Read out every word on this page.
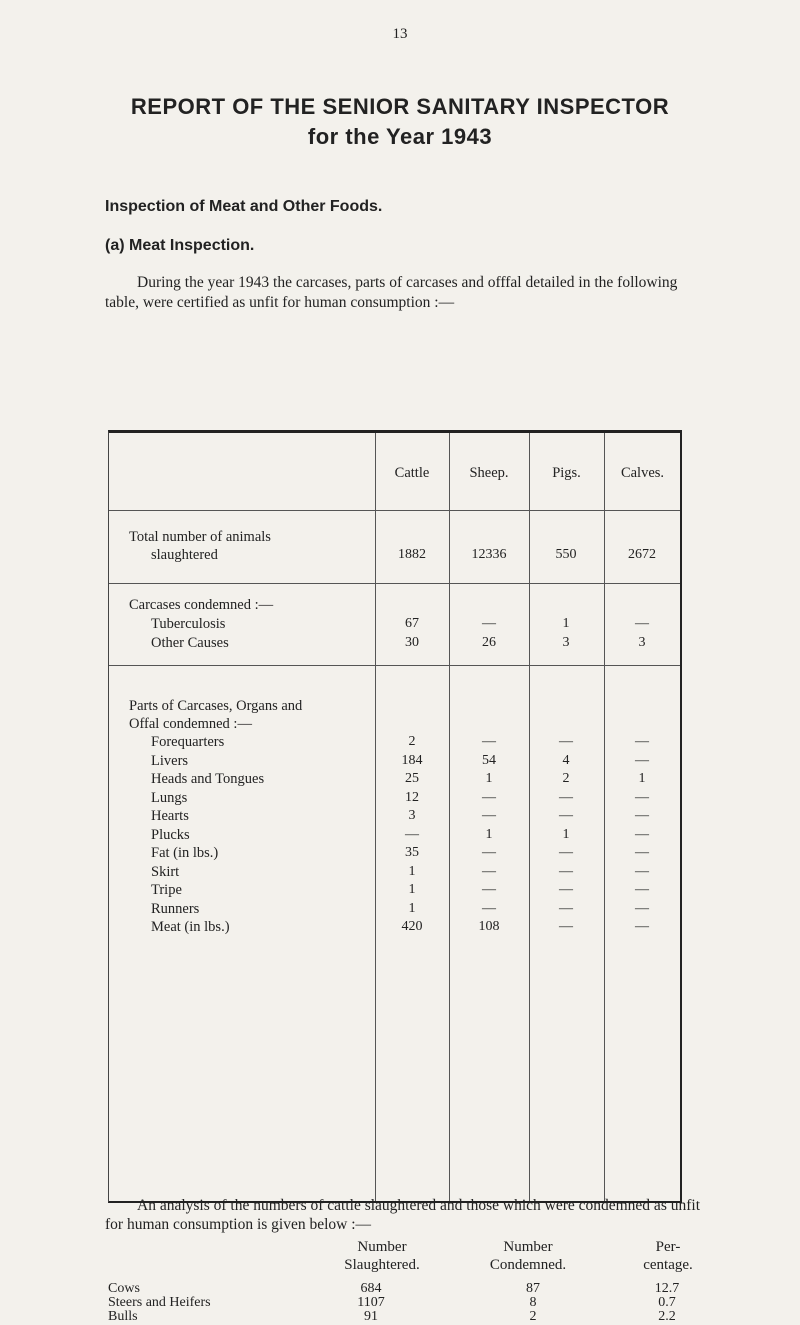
13
REPORT OF THE SENIOR SANITARY INSPECTOR
for the Year 1943
Inspection of Meat and Other Foods.
(a) Meat Inspection.

During the year 1943 the carcases, parts of carcases and offfal detailed in the following table, were certified as unfit for human consumption :—

Cattle	Sheep.	Pigs.	Calves.
Total number of animals
slaughtered	1882	12336	550	2672
Carcases condemned :—
Tuberculosis	67	—	1	—
Other Causes	30	26	3	3
Parts of Carcases, Organs and
Offal condemned :—
Forequarters	2	—	—	—
Livers	184	54	4	—
Heads and Tongues	25	1	2	1
Lungs	12	—	—	—
Hearts	3	—	—	—
Plucks	—	1	1	—
Fat (in lbs.)	35	—	—	—
Skirt	1	—	—	—
Tripe	1	—	—	—
Runners	1	—	—	—
Meat (in lbs.)	420	108	—	—

An analysis of the numbers of cattle slaughtered and those which were condemned as unfit for human consumption is given below :—

Number
Slaughtered.
Number
Condemned.
Per-
centage.
Cows	684	87	12.7
Steers and Heifers	1107	8	0.7
Bulls	91	2	2.2
